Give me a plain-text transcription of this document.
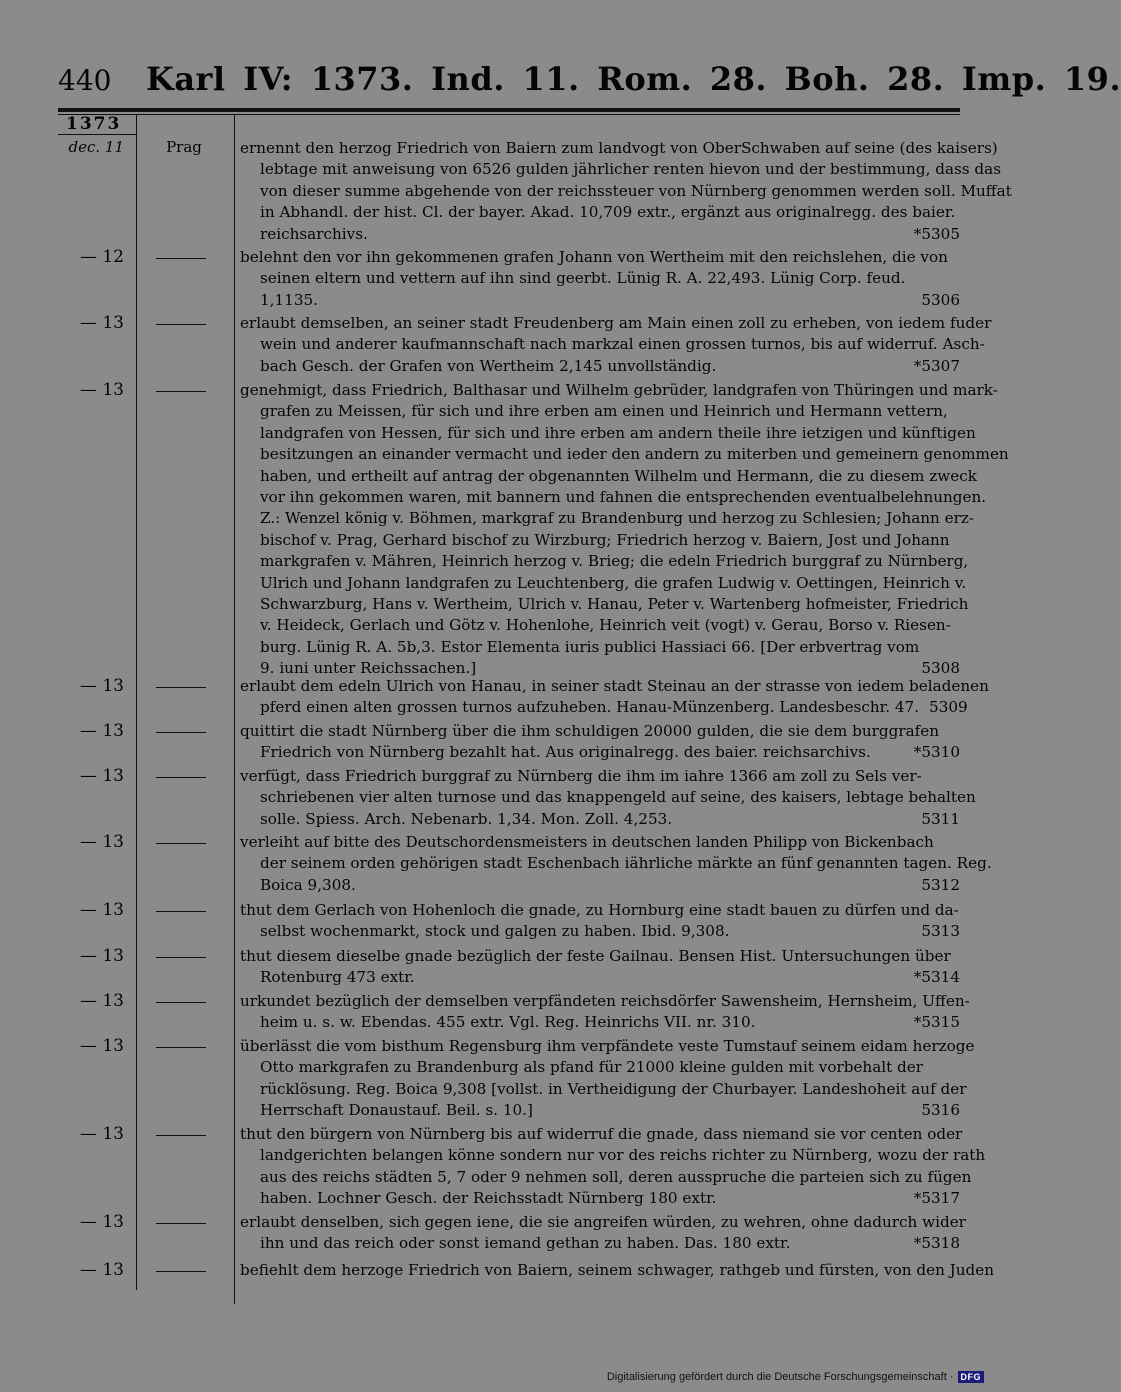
440 Karl IV: 1373. Ind. 11. Rom. 28. Boh. 28. Imp. 19.
1373
dec. 11	Prag	ernennt den herzog Friedrich von Baiern zum landvogt von OberSchwaben auf seine (des kaisers)
lebtage mit anweisung von 6526 gulden jährlicher renten hievon und der bestimmung, dass das
von dieser summe abgehende von der reichssteuer von Nürnberg genommen werden soll. Muffat
in Abhandl. der hist. Cl. der bayer. Akad. 10,709 extr., ergänzt aus originalregg. des baier.
reichsarchivs.	*5305
— 12	belehnt den vor ihn gekommenen grafen Johann von Wertheim mit den reichslehen, die von
seinen eltern und vettern auf ihn sind geerbt. Lünig R. A. 22,493. Lünig Corp. feud.
1,1135.	5306
— 13	erlaubt demselben, an seiner stadt Freudenberg am Main einen zoll zu erheben, von iedem fuder
wein und anderer kaufmannschaft nach markzal einen grossen turnos, bis auf widerruf. Asch-
bach Gesch. der Grafen von Wertheim 2,145 unvollständig.	*5307
— 13	genehmigt, dass Friedrich, Balthasar und Wilhelm gebrüder, landgrafen von Thüringen und mark-
grafen zu Meissen, für sich und ihre erben am einen und Heinrich und Hermann vettern,
landgrafen von Hessen, für sich und ihre erben am andern theile ihre ietzigen und künftigen
besitzungen an einander vermacht und ieder den andern zu miterben und gemeinern genommen
haben, und ertheilt auf antrag der obgenannten Wilhelm und Hermann, die zu diesem zweck
vor ihn gekommen waren, mit bannern und fahnen die entsprechenden eventualbelehnungen.
Z.: Wenzel könig v. Böhmen, markgraf zu Brandenburg und herzog zu Schlesien; Johann erz-
bischof v. Prag, Gerhard bischof zu Wirzburg; Friedrich herzog v. Baiern, Jost und Johann
markgrafen v. Mähren, Heinrich herzog v. Brieg; die edeln Friedrich burggraf zu Nürnberg,
Ulrich und Johann landgrafen zu Leuchtenberg, die grafen Ludwig v. Oettingen, Heinrich v.
Schwarzburg, Hans v. Wertheim, Ulrich v. Hanau, Peter v. Wartenberg hofmeister, Friedrich
v. Heideck, Gerlach und Götz v. Hohenlohe, Heinrich veit (vogt) v. Gerau, Borso v. Riesen-
burg. Lünig R. A. 5b,3. Estor Elementa iuris publici Hassiaci 66. [Der erbvertrag vom
9. iuni unter Reichssachen.]	5308
— 13	erlaubt dem edeln Ulrich von Hanau, in seiner stadt Steinau an der strasse von iedem beladenen
pferd einen alten grossen turnos aufzuheben. Hanau-Münzenberg. Landesbeschr. 47. 5309
— 13	quittirt die stadt Nürnberg über die ihm schuldigen 20000 gulden, die sie dem burggrafen
Friedrich von Nürnberg bezahlt hat. Aus originalregg. des baier. reichsarchivs.	*5310
— 13	verfügt, dass Friedrich burggraf zu Nürnberg die ihm im iahre 1366 am zoll zu Sels ver-
schriebenen vier alten turnose und das knappengeld auf seine, des kaisers, lebtage behalten
solle. Spiess. Arch. Nebenarb. 1,34. Mon. Zoll. 4,253.	5311
— 13	verleiht auf bitte des Deutschordensmeisters in deutschen landen Philipp von Bickenbach
der seinem orden gehörigen stadt Eschenbach iährliche märkte an fünf genannten tagen. Reg.
Boica 9,308.	5312
— 13	thut dem Gerlach von Hohenloch die gnade, zu Hornburg eine stadt bauen zu dürfen und da-
selbst wochenmarkt, stock und galgen zu haben. Ibid. 9,308.	5313
— 13	thut diesem dieselbe gnade bezüglich der feste Gailnau. Bensen Hist. Untersuchungen über
Rotenburg 473 extr.	*5314
— 13	urkundet bezüglich der demselben verpfändeten reichsdörfer Sawensheim, Hernsheim, Uffen-
heim u. s. w. Ebendas. 455 extr. Vgl. Reg. Heinrichs VII. nr. 310.	*5315
— 13	überlässt die vom bisthum Regensburg ihm verpfändete veste Tumstauf seinem eidam herzoge
Otto markgrafen zu Brandenburg als pfand für 21000 kleine gulden mit vorbehalt der
rücklösung. Reg. Boica 9,308 [vollst. in Vertheidigung der Churbayer. Landeshoheit auf der
Herrschaft Donaustauf. Beil. s. 10.]	5316
— 13	thut den bürgern von Nürnberg bis auf widerruf die gnade, dass niemand sie vor centen oder
landgerichten belangen könne sondern nur vor des reichs richter zu Nürnberg, wozu der rath
aus des reichs städten 5, 7 oder 9 nehmen soll, deren ausspruche die parteien sich zu fügen
haben. Lochner Gesch. der Reichsstadt Nürnberg 180 extr.	*5317
— 13	erlaubt denselben, sich gegen iene, die sie angreifen würden, zu wehren, ohne dadurch wider
ihn und das reich oder sonst iemand gethan zu haben. Das. 180 extr.	*5318
— 13	befiehlt dem herzoge Friedrich von Baiern, seinem schwager, rathgeb und fürsten, von den Juden
Digitalisierung gefördert durch die Deutsche Forschungsgemeinschaft · DFG
